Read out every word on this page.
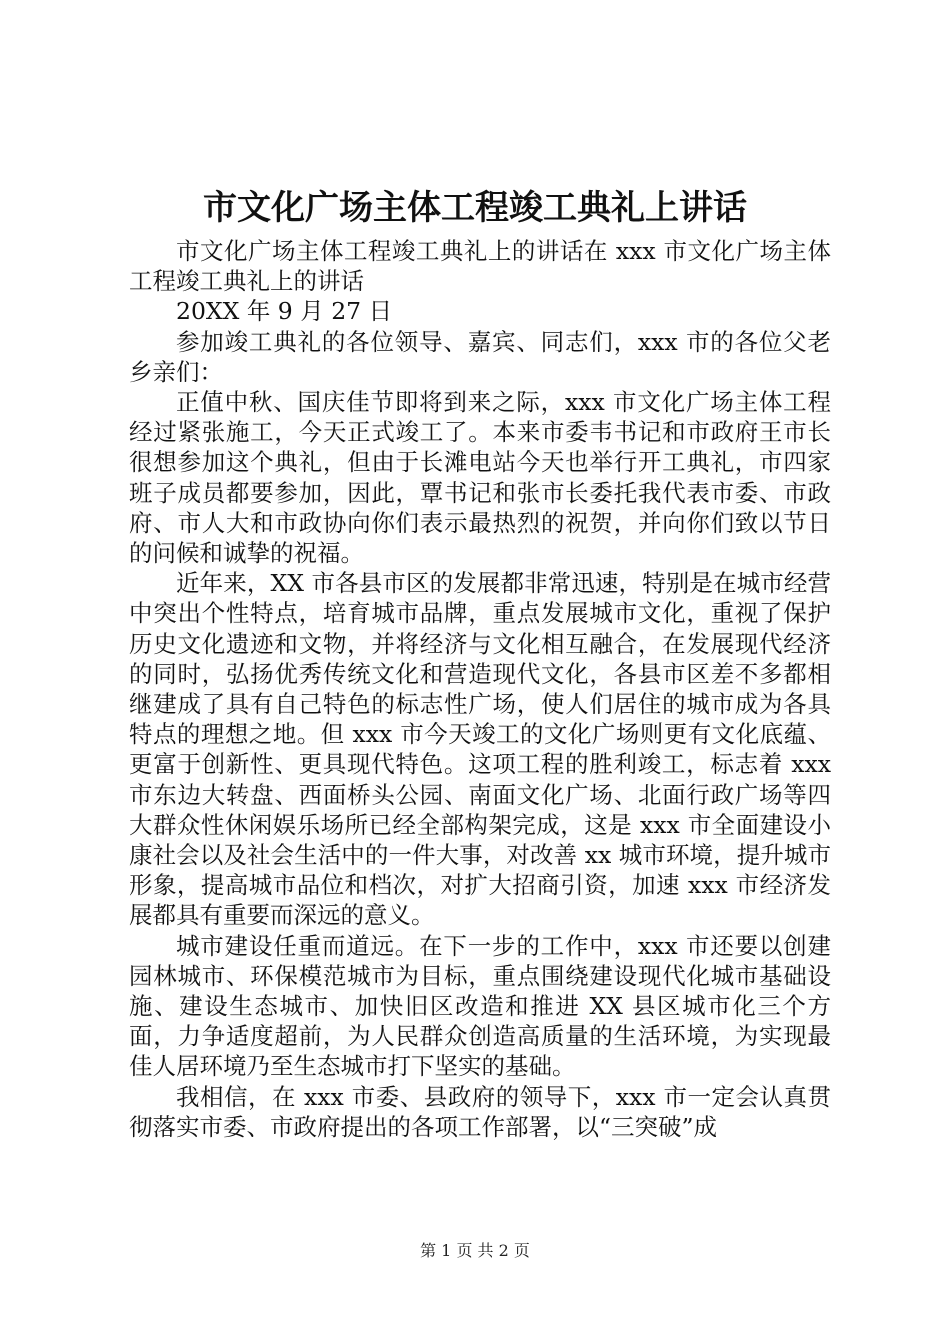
市文化广场主体工程竣工典礼上讲话

市文化广场主体工程竣工典礼上的讲话在 xxx 市文化广场主体工程竣工典礼上的讲话

20XX 年 9 月 27 日

参加竣工典礼的各位领导、嘉宾、同志们，xxx 市的各位父老乡亲们：

正值中秋、国庆佳节即将到来之际，xxx 市文化广场主体工程经过紧张施工，今天正式竣工了。本来市委韦书记和市政府王市长很想参加这个典礼，但由于长滩电站今天也举行开工典礼，市四家班子成员都要参加，因此，覃书记和张市长委托我代表市委、市政府、市人大和市政协向你们表示最热烈的祝贺，并向你们致以节日的问候和诚挚的祝福。

近年来，XX 市各县市区的发展都非常迅速，特别是在城市经营中突出个性特点，培育城市品牌，重点发展城市文化，重视了保护历史文化遗迹和文物，并将经济与文化相互融合，在发展现代经济的同时，弘扬优秀传统文化和营造现代文化，各县市区差不多都相继建成了具有自己特色的标志性广场，使人们居住的城市成为各具特点的理想之地。但 xxx 市今天竣工的文化广场则更有文化底蕴、更富于创新性、更具现代特色。这项工程的胜利竣工，标志着 xxx 市东边大转盘、西面桥头公园、南面文化广场、北面行政广场等四大群众性休闲娱乐场所已经全部构架完成，这是 xxx 市全面建设小康社会以及社会生活中的一件大事，对改善 xx 城市环境，提升城市形象，提高城市品位和档次，对扩大招商引资，加速 xxx 市经济发展都具有重要而深远的意义。

城市建设任重而道远。在下一步的工作中，xxx 市还要以创建园林城市、环保模范城市为目标，重点围绕建设现代化城市基础设施、建设生态城市、加快旧区改造和推进 XX 县区城市化三个方面，力争适度超前，为人民群众创造高质量的生活环境，为实现最佳人居环境乃至生态城市打下坚实的基础。

我相信，在 xxx 市委、县政府的领导下，xxx 市一定会认真贯彻落实市委、市政府提出的各项工作部署，以“三突破”成

第 1 页 共 2 页
